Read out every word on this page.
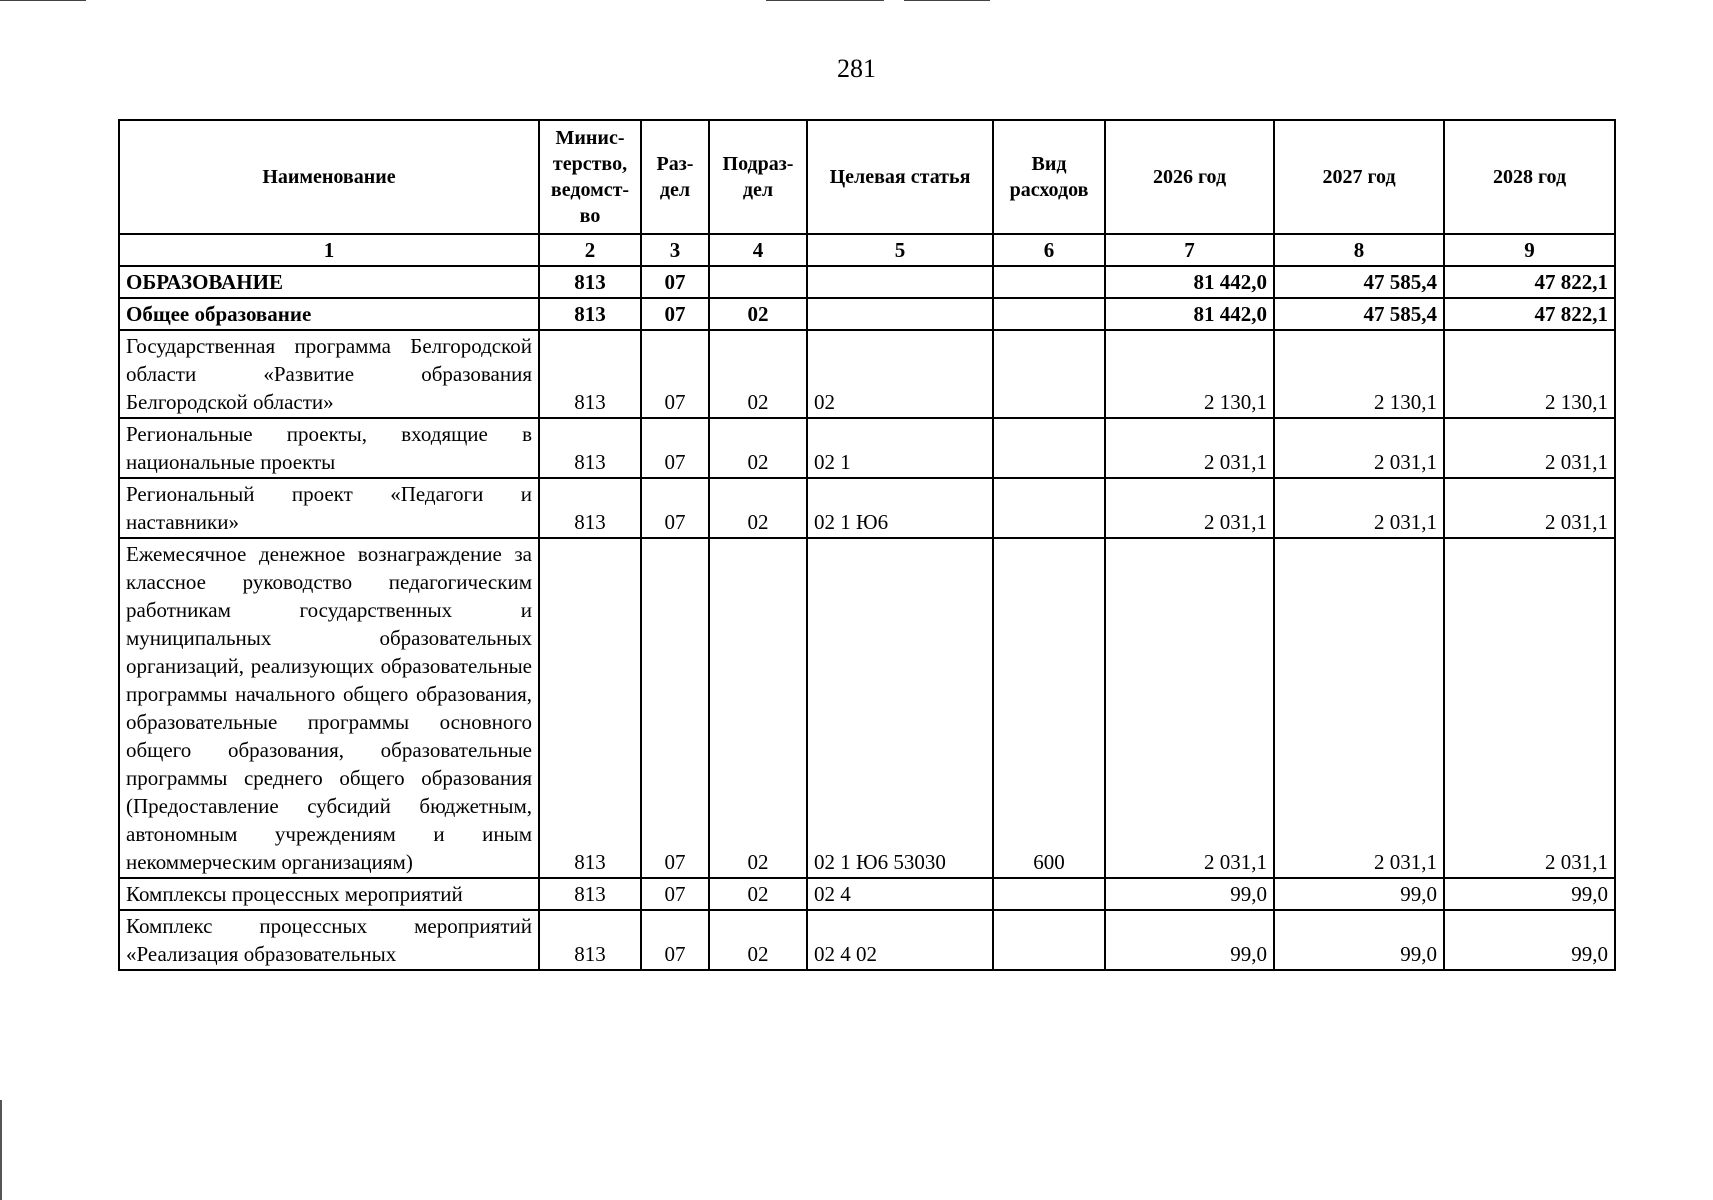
281
Наименование	Минис-терство, ведомст-во	Раз-дел	Подраз-дел	Целевая статья	Вид расходов	2026 год	2027 год	2028 год
1	2	3	4	5	6	7	8	9
ОБРАЗОВАНИЕ	813	07				81 442,0	47 585,4	47 822,1
Общее образование	813	07	02			81 442,0	47 585,4	47 822,1
Государственная программа Белгородской области «Развитие образования Белгородской области»	813	07	02	02		2 130,1	2 130,1	2 130,1
Региональные проекты, входящие в национальные проекты	813	07	02	02 1		2 031,1	2 031,1	2 031,1
Региональный проект «Педагоги и наставники»	813	07	02	02 1 Ю6		2 031,1	2 031,1	2 031,1
Ежемесячное денежное вознаграждение за классное руководство педагогическим работникам государственных и муниципальных образовательных организаций, реализующих образовательные программы начального общего образования, образовательные программы основного общего образования, образовательные программы среднего общего образования (Предоставление субсидий бюджетным, автономным учреждениям и иным некоммерческим организациям)	813	07	02	02 1 Ю6 53030	600	2 031,1	2 031,1	2 031,1
Комплексы процессных мероприятий	813	07	02	02 4		99,0	99,0	99,0
Комплекс процессных мероприятий «Реализация образовательных	813	07	02	02 4 02		99,0	99,0	99,0
